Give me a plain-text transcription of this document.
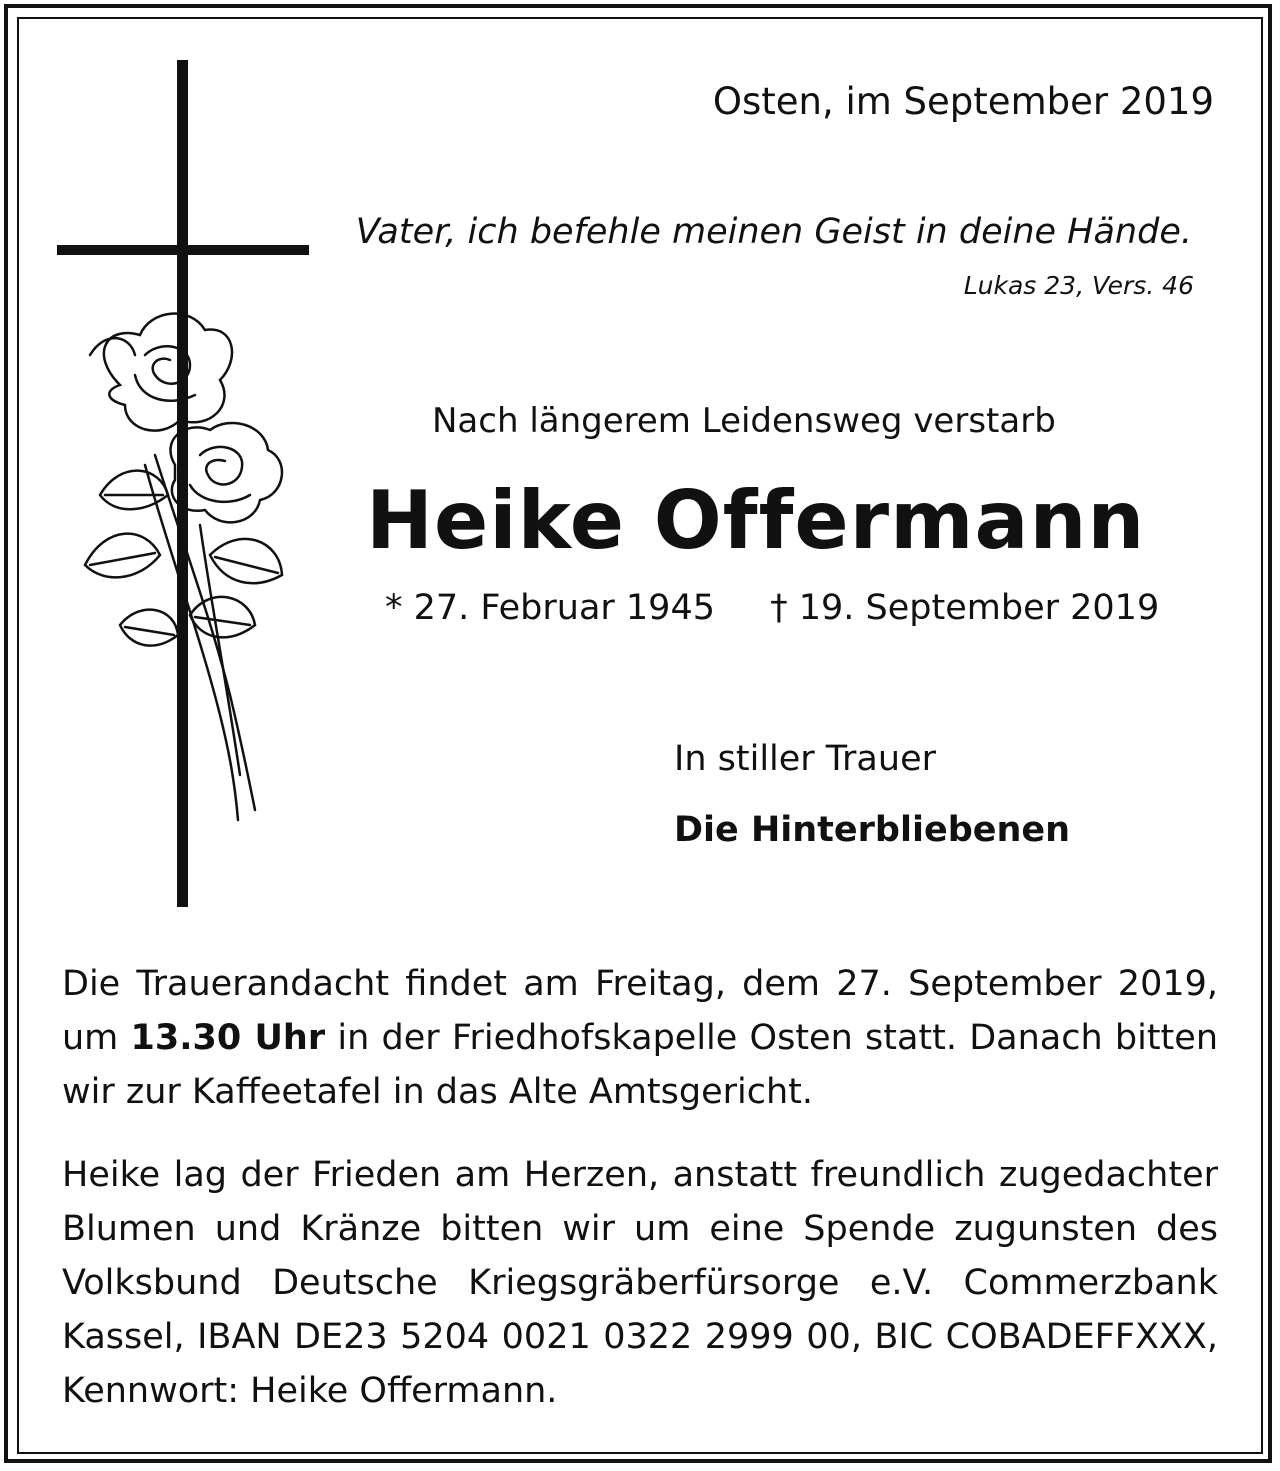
Osten, im September 2019
Vater, ich befehle meinen Geist in deine Hände.
Lukas 23, Vers. 46
Nach längerem Leidensweg verstarb
Heike Offermann
* 27. Februar 1945 † 19. September 2019
In stiller Trauer
Die Hinterbliebenen
Die Trauerandacht findet am Freitag, dem 27. September 2019, um 13.30 Uhr in der Friedhofskapelle Osten statt. Danach bitten wir zur Kaffeetafel in das Alte Amtsgericht.
Heike lag der Frieden am Herzen, anstatt freundlich zugedachter Blumen und Kränze bitten wir um eine Spende zugunsten des Volksbund Deutsche Kriegsgräberfürsorge e.V. Commerzbank Kassel, IBAN DE23 5204 0021 0322 2999 00, BIC COBADEFFXXX, Kennwort: Heike Offermann.
